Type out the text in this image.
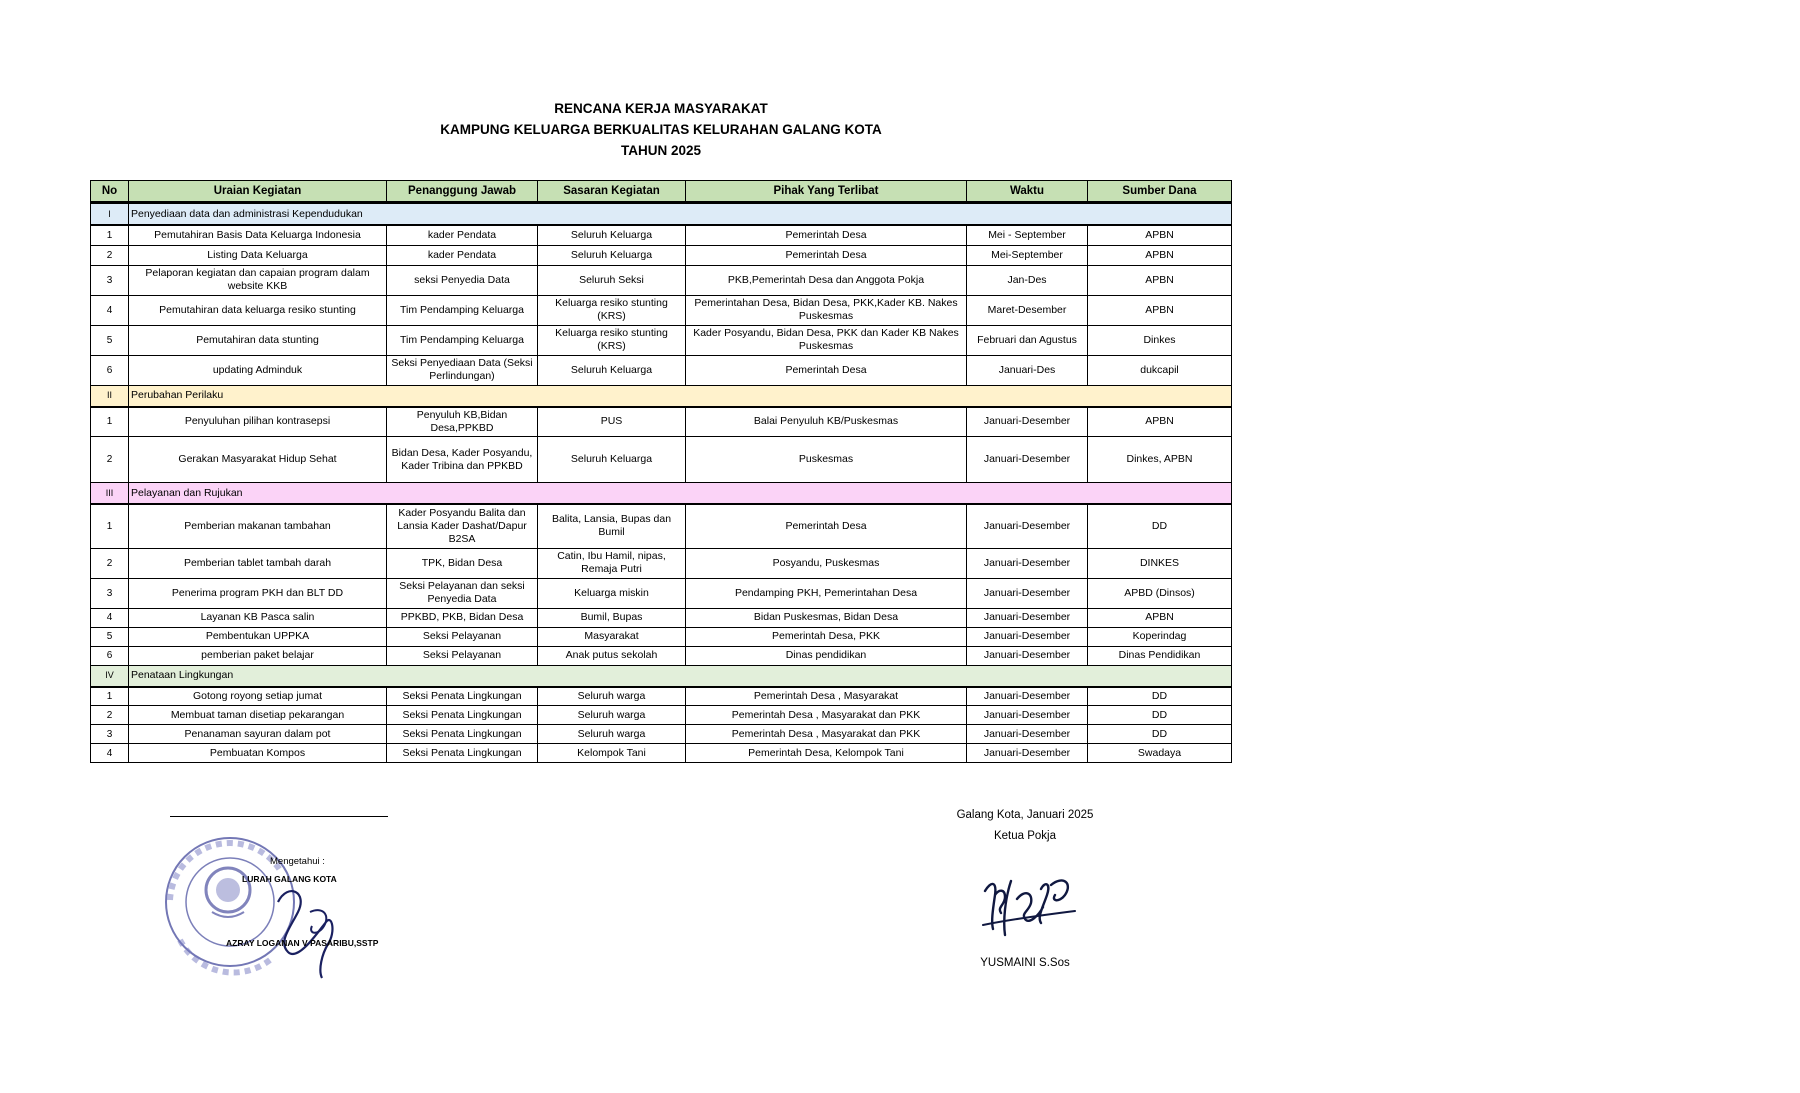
RENCANA KERJA MASYARAKAT
KAMPUNG KELUARGA BERKUALITAS KELURAHAN GALANG KOTA
TAHUN 2025
No	Uraian Kegiatan	Penanggung Jawab	Sasaran Kegiatan	Pihak Yang Terlibat	Waktu	Sumber Dana
I	Penyediaan data dan administrasi Kependudukan					
1	Pemutahiran Basis Data Keluarga Indonesia	kader Pendata	Seluruh Keluarga	Pemerintah Desa	Mei - September	APBN
2	Listing Data Keluarga	kader Pendata	Seluruh Keluarga	Pemerintah Desa	Mei-September	APBN
3	Pelaporan kegiatan dan capaian program dalam website KKB	seksi Penyedia Data	Seluruh Seksi	PKB,Pemerintah Desa dan Anggota Pokja	Jan-Des	APBN
4	Pemutahiran data keluarga resiko stunting	Tim Pendamping Keluarga	Keluarga resiko stunting (KRS)	Pemerintahan Desa, Bidan Desa, PKK,Kader KB. Nakes Puskesmas	Maret-Desember	APBN
5	Pemutahiran data stunting	Tim Pendamping Keluarga	Keluarga resiko stunting (KRS)	Kader Posyandu, Bidan Desa, PKK dan Kader KB Nakes Puskesmas	Februari dan Agustus	Dinkes
6	updating Adminduk	Seksi Penyediaan Data (Seksi Perlindungan)	Seluruh Keluarga	Pemerintah Desa	Januari-Des	dukcapil
II	Perubahan Perilaku					
1	Penyuluhan pilihan kontrasepsi	Penyuluh KB,Bidan Desa,PPKBD	PUS	Balai Penyuluh KB/Puskesmas	Januari-Desember	APBN
2	Gerakan Masyarakat Hidup Sehat	Bidan Desa, Kader Posyandu, Kader Tribina dan PPKBD	Seluruh Keluarga	Puskesmas	Januari-Desember	Dinkes, APBN
III	Pelayanan dan Rujukan					
1	Pemberian makanan tambahan	Kader Posyandu Balita dan Lansia Kader Dashat/Dapur B2SA	Balita, Lansia, Bupas dan Bumil	Pemerintah Desa	Januari-Desember	DD
2	Pemberian tablet tambah darah	TPK, Bidan Desa	Catin, Ibu Hamil, nipas, Remaja Putri	Posyandu, Puskesmas	Januari-Desember	DINKES
3	Penerima program PKH dan BLT DD	Seksi Pelayanan dan seksi Penyedia Data	Keluarga miskin	Pendamping PKH, Pemerintahan Desa	Januari-Desember	APBD (Dinsos)
4	Layanan KB Pasca salin	PPKBD, PKB, Bidan Desa	Bumil, Bupas	Bidan Puskesmas, Bidan Desa	Januari-Desember	APBN
5	Pembentukan UPPKA	Seksi Pelayanan	Masyarakat	Pemerintah Desa, PKK	Januari-Desember	Koperindag
6	pemberian paket belajar	Seksi Pelayanan	Anak putus sekolah	Dinas pendidikan	Januari-Desember	Dinas Pendidikan
IV	Penataan Lingkungan					
1	Gotong royong setiap jumat	Seksi Penata Lingkungan	Seluruh warga	Pemerintah Desa , Masyarakat	Januari-Desember	DD
2	Membuat taman disetiap pekarangan	Seksi Penata Lingkungan	Seluruh warga	Pemerintah Desa , Masyarakat dan PKK	Januari-Desember	DD
3	Penanaman sayuran dalam pot	Seksi Penata Lingkungan	Seluruh warga	Pemerintah Desa , Masyarakat dan PKK	Januari-Desember	DD
4	Pembuatan Kompos	Seksi Penata Lingkungan	Kelompok Tani	Pemerintah Desa, Kelompok Tani	Januari-Desember	Swadaya
Mengetahui :
LURAH GALANG KOTA
AZRAY LOGANAN V PASARIBU,SSTP
Galang Kota, Januari 2025
Ketua Pokja
YUSMAINI S.Sos
